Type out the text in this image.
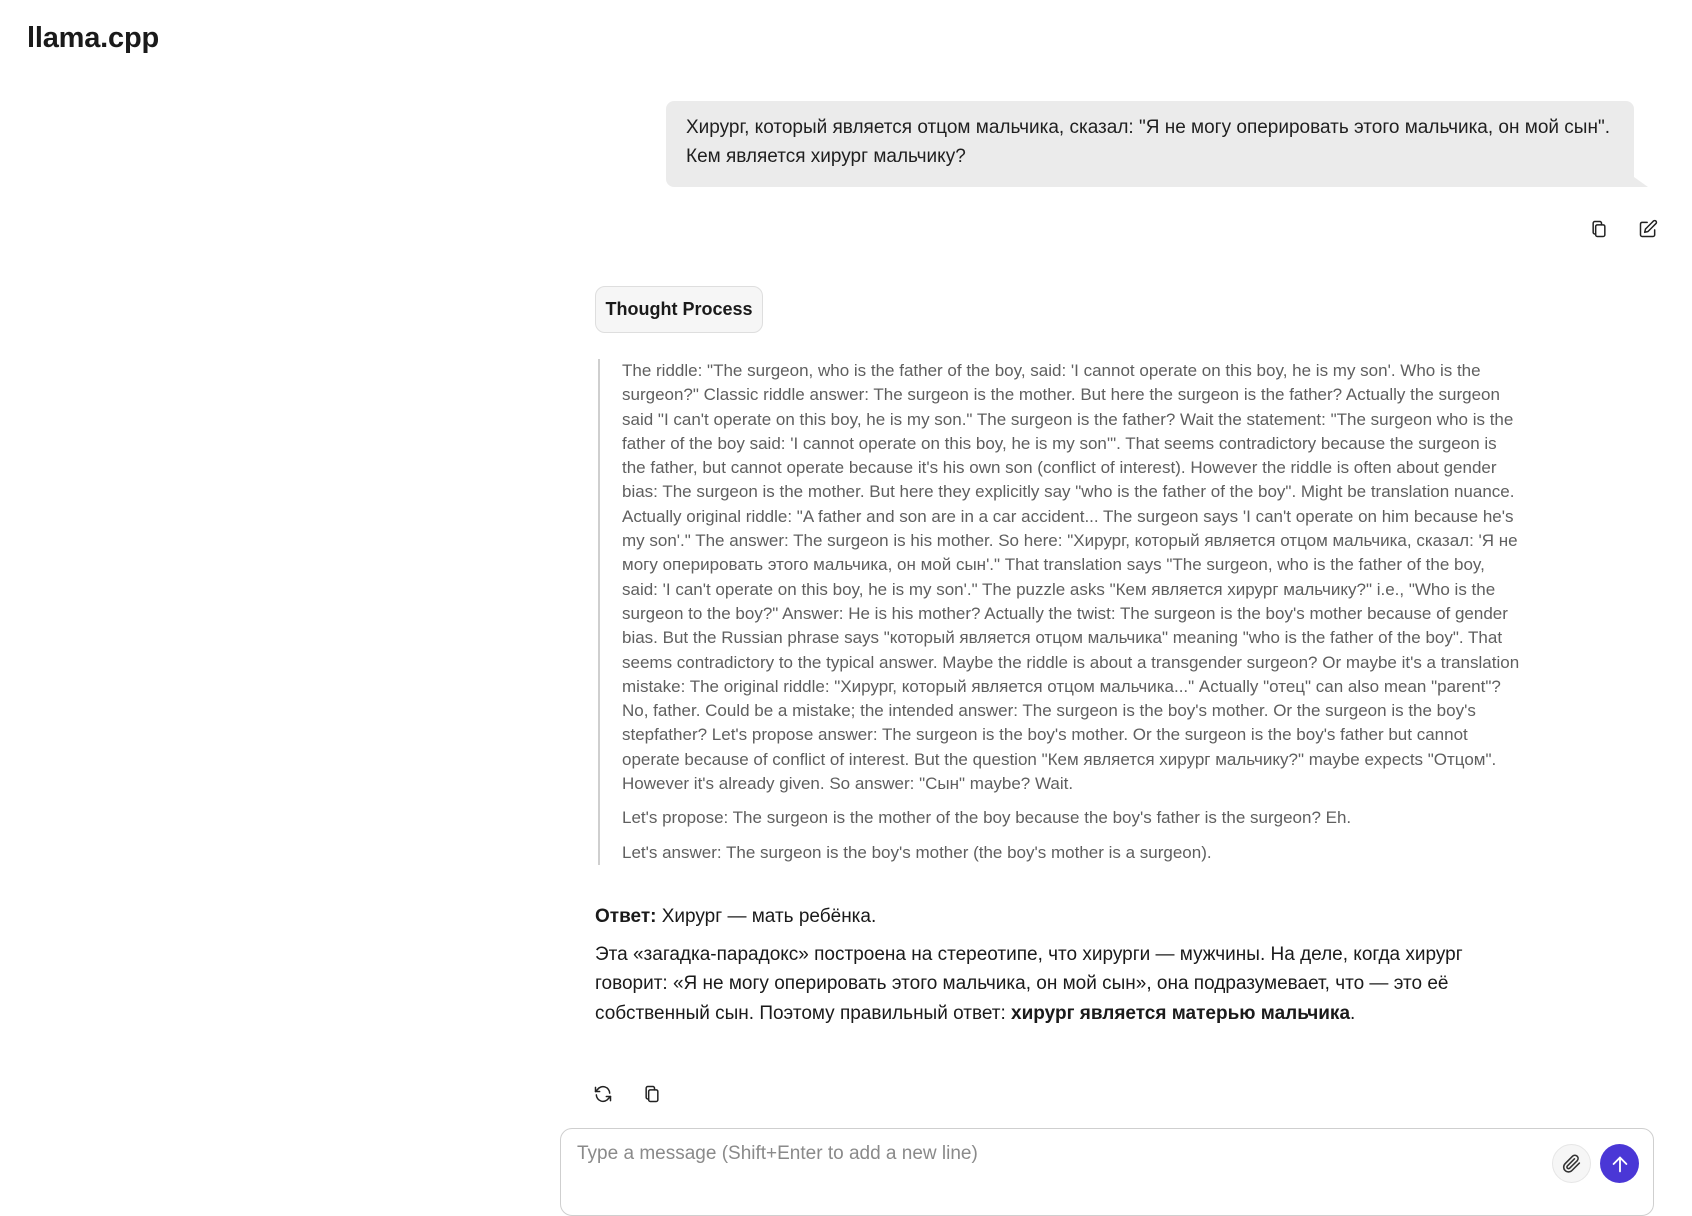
llama.cpp
Хирург, который является отцом мальчика, сказал: "Я не могу оперировать этого мальчика, он мой сын". Кем является хирург мальчику?
Thought Process

The riddle: "The surgeon, who is the father of the boy, said: 'I cannot operate on this boy, he is my son'. Who is the surgeon?" Classic riddle answer: The surgeon is the mother. But here the surgeon is the father? Actually the surgeon said "I can't operate on this boy, he is my son." The surgeon is the father? Wait the statement: "The surgeon who is the father of the boy said: 'I cannot operate on this boy, he is my son'". That seems contradictory because the surgeon is the father, but cannot operate because it's his own son (conflict of interest). However the riddle is often about gender bias: The surgeon is the mother. But here they explicitly say "who is the father of the boy". Might be translation nuance. Actually original riddle: "A father and son are in a car accident... The surgeon says 'I can't operate on him because he's my son'." The answer: The surgeon is his mother. So here: "Хирург, который является отцом мальчика, сказал: 'Я не могу оперировать этого мальчика, он мой сын'." That translation says "The surgeon, who is the father of the boy, said: 'I can't operate on this boy, he is my son'." The puzzle asks "Кем является хирург мальчику?" i.e., "Who is the surgeon to the boy?" Answer: He is his mother? Actually the twist: The surgeon is the boy's mother because of gender bias. But the Russian phrase says "который является отцом мальчика" meaning "who is the father of the boy". That seems contradictory to the typical answer. Maybe the riddle is about a transgender surgeon? Or maybe it's a translation mistake: The original riddle: "Хирург, который является отцом мальчика..." Actually "отец" can also mean "parent"? No, father. Could be a mistake; the intended answer: The surgeon is the boy's mother. Or the surgeon is the boy's stepfather? Let's propose answer: The surgeon is the boy's mother. Or the surgeon is the boy's father but cannot operate because of conflict of interest. But the question "Кем является хирург мальчику?" maybe expects "Отцом". However it's already given. So answer: "Сын" maybe? Wait.

Let's propose: The surgeon is the mother of the boy because the boy's father is the surgeon? Eh.

Let's answer: The surgeon is the boy's mother (the boy's mother is a surgeon).

Ответ: Хирург — мать ребёнка.

Эта «загадка-парадокс» построена на стереотипе, что хирурги — мужчины. На деле, когда хирург говорит: «Я не могу оперировать этого мальчика, он мой сын», она подразумевает, что — это её собственный сын. Поэтому правильный ответ: хирург является матерью мальчика.

Type a message (Shift+Enter to add a new line)
